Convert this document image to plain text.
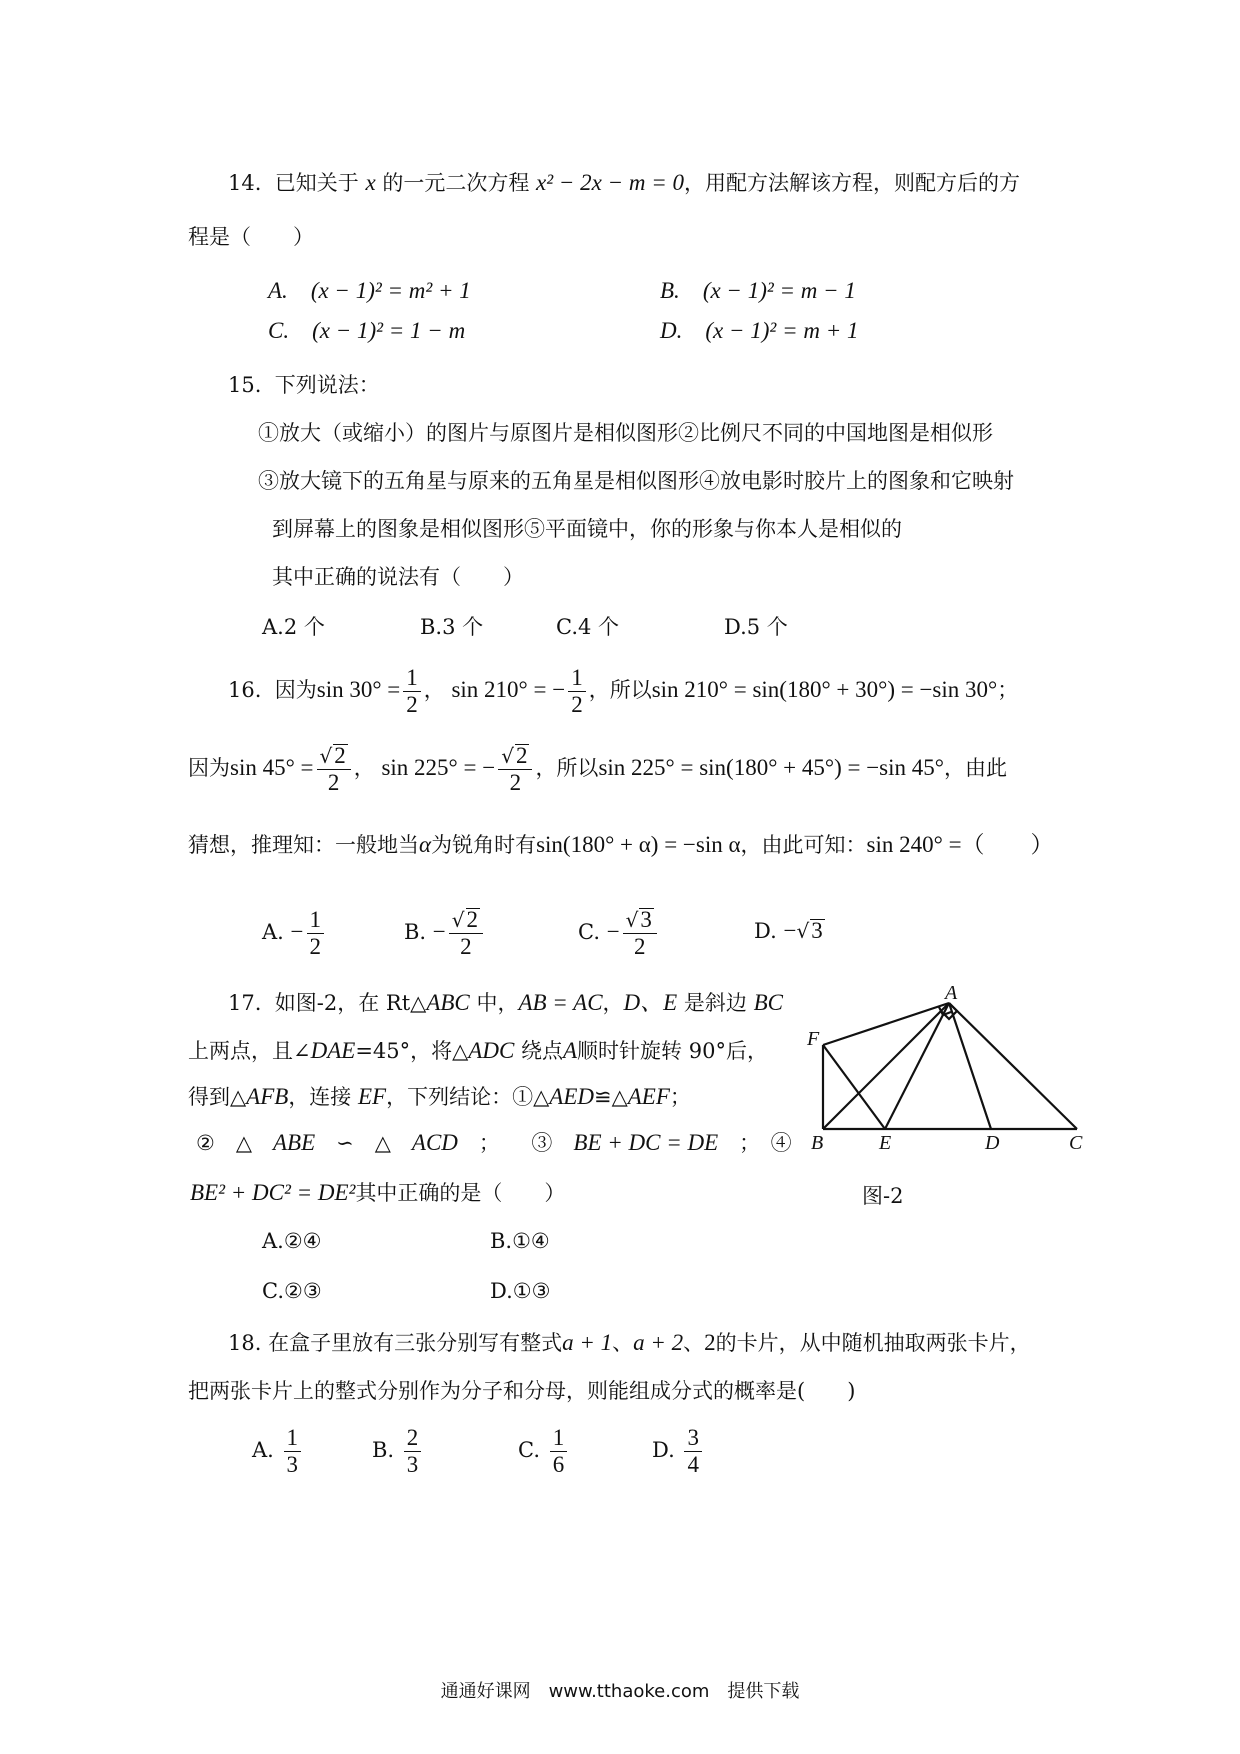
14. 已知关于 x 的一元二次方程 x² − 2x − m = 0，用配方法解该方程，则配方后的方
程是（　　）
A. (x − 1)² = m² + 1	B. (x − 1)² = m − 1
C. (x − 1)² = 1 − m	D. (x − 1)² = m + 1
15. 下列说法：
①放大（或缩小）的图片与原图片是相似图形②比例尺不同的中国地图是相似形
③放大镜下的五角星与原来的五角星是相似图形④放电影时胶片上的图象和它映射
到屏幕上的图象是相似图形⑤平面镜中，你的形象与你本人是相似的
其中正确的说法有（　　）
A.2 个	B.3 个	C.4 个	D.5 个
16. 因为$\sin 30^\circ = \frac{1}{2}$ ， sin 210° = − $\frac{1}{2}$ ，所以sin 210° = sin(180° + 30°) = −sin 30°；
因为$\sin 45^\circ = \frac{√2}{2}$ ， sin 225° = − $\frac{√2}{2}$ ，所以sin 225° = sin(180° + 45°) = −sin 45°，由此
猜想，推理知：一般地当α为锐角时有sin(180° + α) = −sin α，由此可知：sin 240° =（　　）
A. − $\frac{1}{2}$	B. − $\frac{√2}{2}$	C. − $\frac{√3}{2}$	D. −√3
17. 如图-2，在 Rt△ABC 中，AB = AC，D、E 是斜边 BC
上两点，且∠DAE=45°，将△ADC 绕点A顺时针旋转 90°后，
得到△AFB，连接 EF，下列结论：①△AED≌△AEF；
②　△　ABE　∽　△　ACD　；　　③　BE + DC = DE　；　④
BE² + DC² = DE²其中正确的是（　　）
A.②④	B.①④
C.②③	D.①③
A
F
B	E	D	C
图-2
18. 在盒子里放有三张分别写有整式a + 1、a + 2、2的卡片，从中随机抽取两张卡片，
把两张卡片上的整式分别作为分子和分母，则能组成分式的概率是(　　)
A. $\frac{1}{3}$	B. $\frac{2}{3}$	C. $\frac{1}{6}$	D. $\frac{3}{4}$
通通好课网　www.tthaoke.com　提供下载
